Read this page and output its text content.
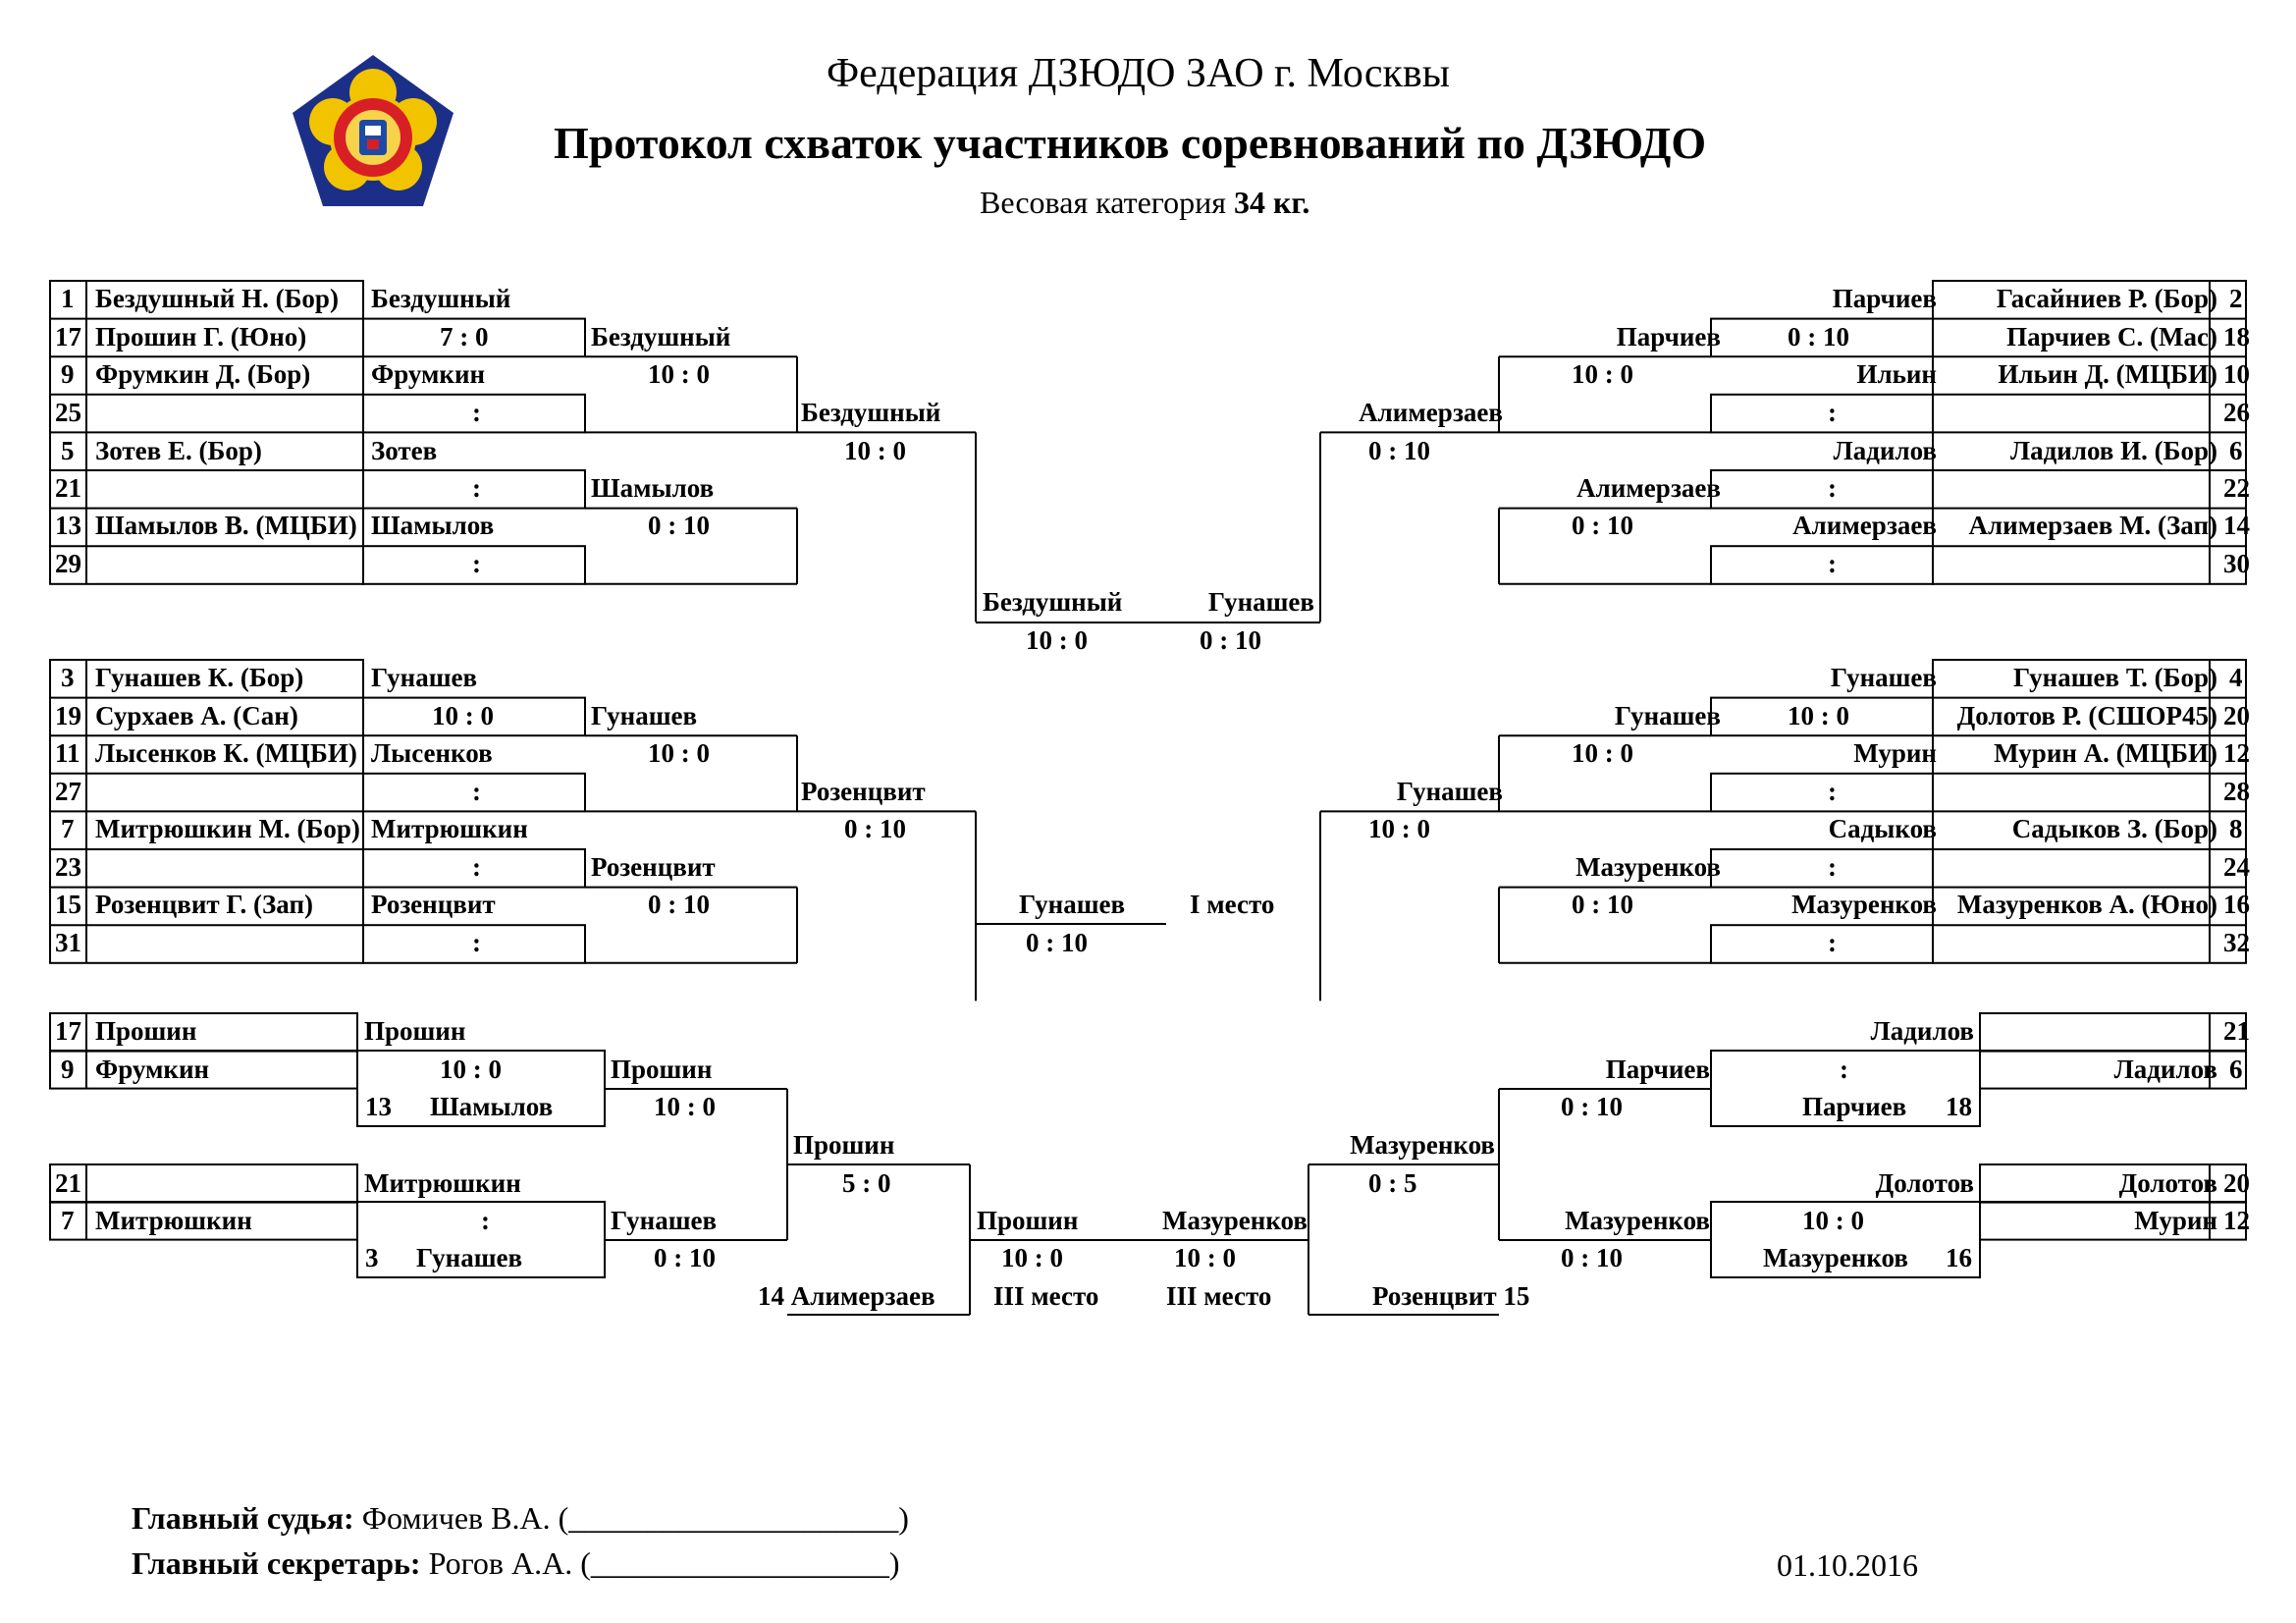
Федерация ДЗЮДО ЗАО г. Москвы
Протокол схваток участников соревнований по ДЗЮДО
Весовая категория 34 кг.
1 Бездушный Н. (Бор)
17 Прошин Г. (Юно)
9 Фрумкин Д. (Бор)
25
5 Зотев Е. (Бор)
21
13 Шамылов В. (МЦБИ)
29
Бездушный
7 : 0
Фрумкин
:
Зотев
:
Шамылов
:
Бездушный
10 : 0
Шамылов
0 : 10
Бездушный
10 : 0
3 Гунашев К. (Бор)
19 Сурхаев А. (Сан)
11 Лысенков К. (МЦБИ)
27
7 Митрюшкин М. (Бор)
23
15 Розенцвит Г. (Зап)
31
Гунашев
10 : 0
Лысенков
:
Митрюшкин
:
Розенцвит
:
Гунашев
10 : 0
Розенцвит
0 : 10
Розенцвит
0 : 10
Гасайниев Р. (Бор) 2
Парчиев С. (Мас) 18
Ильин Д. (МЦБИ) 10
26
Ладилов И. (Бор) 6
22
Алимерзаев М. (Зап) 14
30
Парчиев
0 : 10
Ильин
:
Ладилов
:
Алимерзаев
:
Парчиев
10 : 0
Алимерзаев
0 : 10
Алимерзаев
0 : 10
Гунашев Т. (Бор) 4
Долотов Р. (СШОР45) 20
Мурин А. (МЦБИ) 12
28
Садыков З. (Бор) 8
24
Мазуренков А. (Юно) 16
32
Гунашев
10 : 0
Мурин
:
Садыков
:
Мазуренков
:
Гунашев
10 : 0
Мазуренков
0 : 10
Гунашев
10 : 0
Бездушный
10 : 0
Гунашев
0 : 10
Гунашев
0 : 10
I место
17 Прошин
9 Фрумкин
Прошин
10 : 0
13 Шамылов
Прошин
10 : 0
21
7 Митрюшкин
Митрюшкин
:
3 Гунашев
Гунашев
0 : 10
Прошин
5 : 0
14 Алимерзаев
Прошин
10 : 0
III место
21
Ладилов 6
Ладилов
:
Парчиев 18
Парчиев
0 : 10
Долотов 20
Мурин 12
Долотов
10 : 0
Мазуренков 16
Мазуренков
0 : 10
Мазуренков
0 : 5
Розенцвит 15
Мазуренков
10 : 0
III место
Главный судья: Фомичев В.А. (_____________________)
Главный секретарь: Рогов А.А. (___________________)	01.10.2016
